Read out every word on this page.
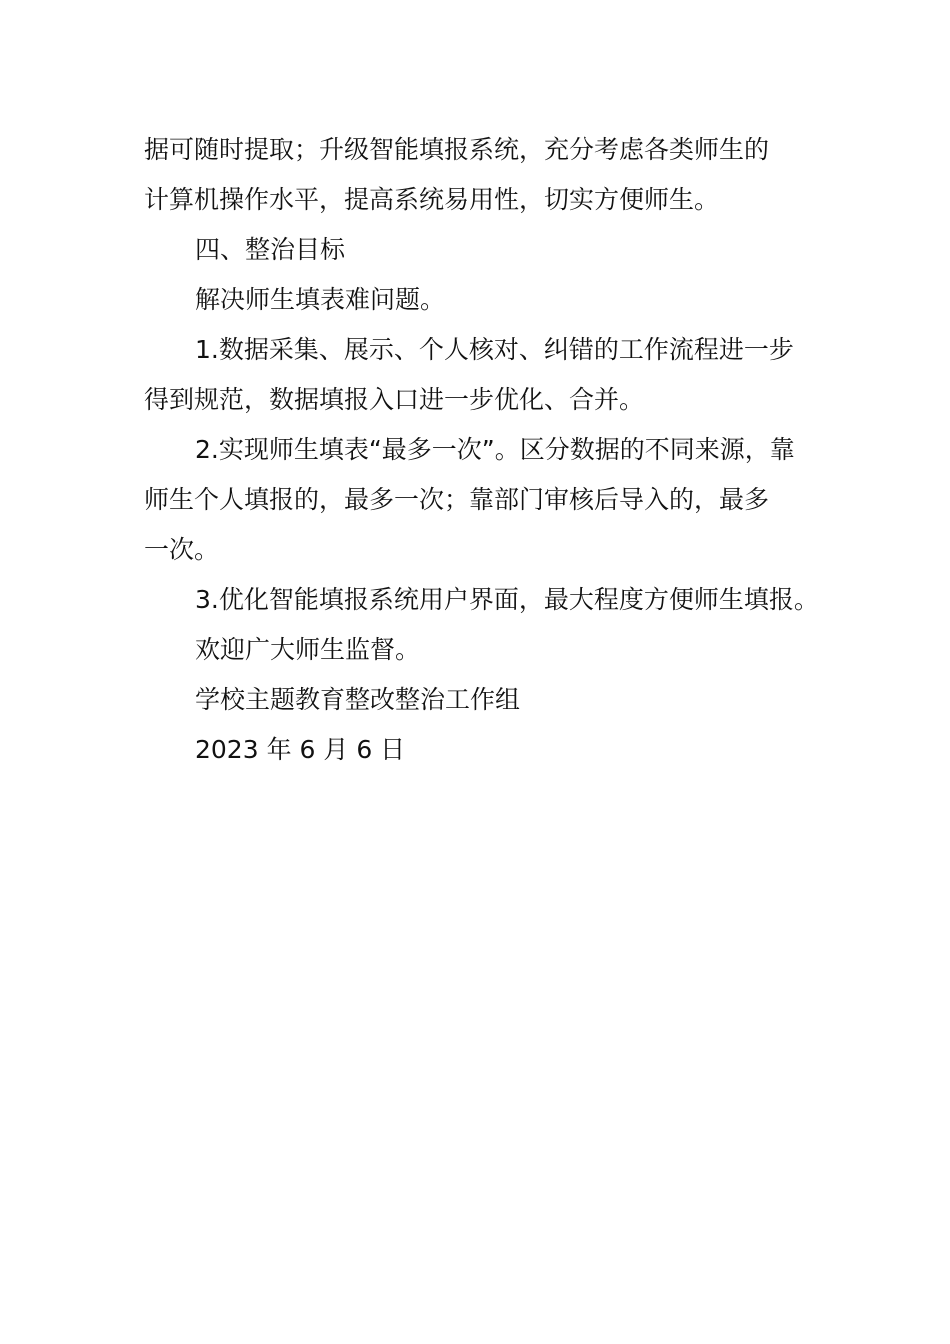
据可随时提取；升级智能填报系统，充分考虑各类师生的
计算机操作水平，提高系统易用性，切实方便师生。
四、整治目标
解决师生填表难问题。
1.数据采集、展示、个人核对、纠错的工作流程进一步
得到规范，数据填报入口进一步优化、合并。
2.实现师生填表“最多一次”。区分数据的不同来源，靠
师生个人填报的，最多一次；靠部门审核后导入的，最多
一次。
3.优化智能填报系统用户界面，最大程度方便师生填报。
欢迎广大师生监督。
学校主题教育整改整治工作组
2023 年 6 月 6 日
